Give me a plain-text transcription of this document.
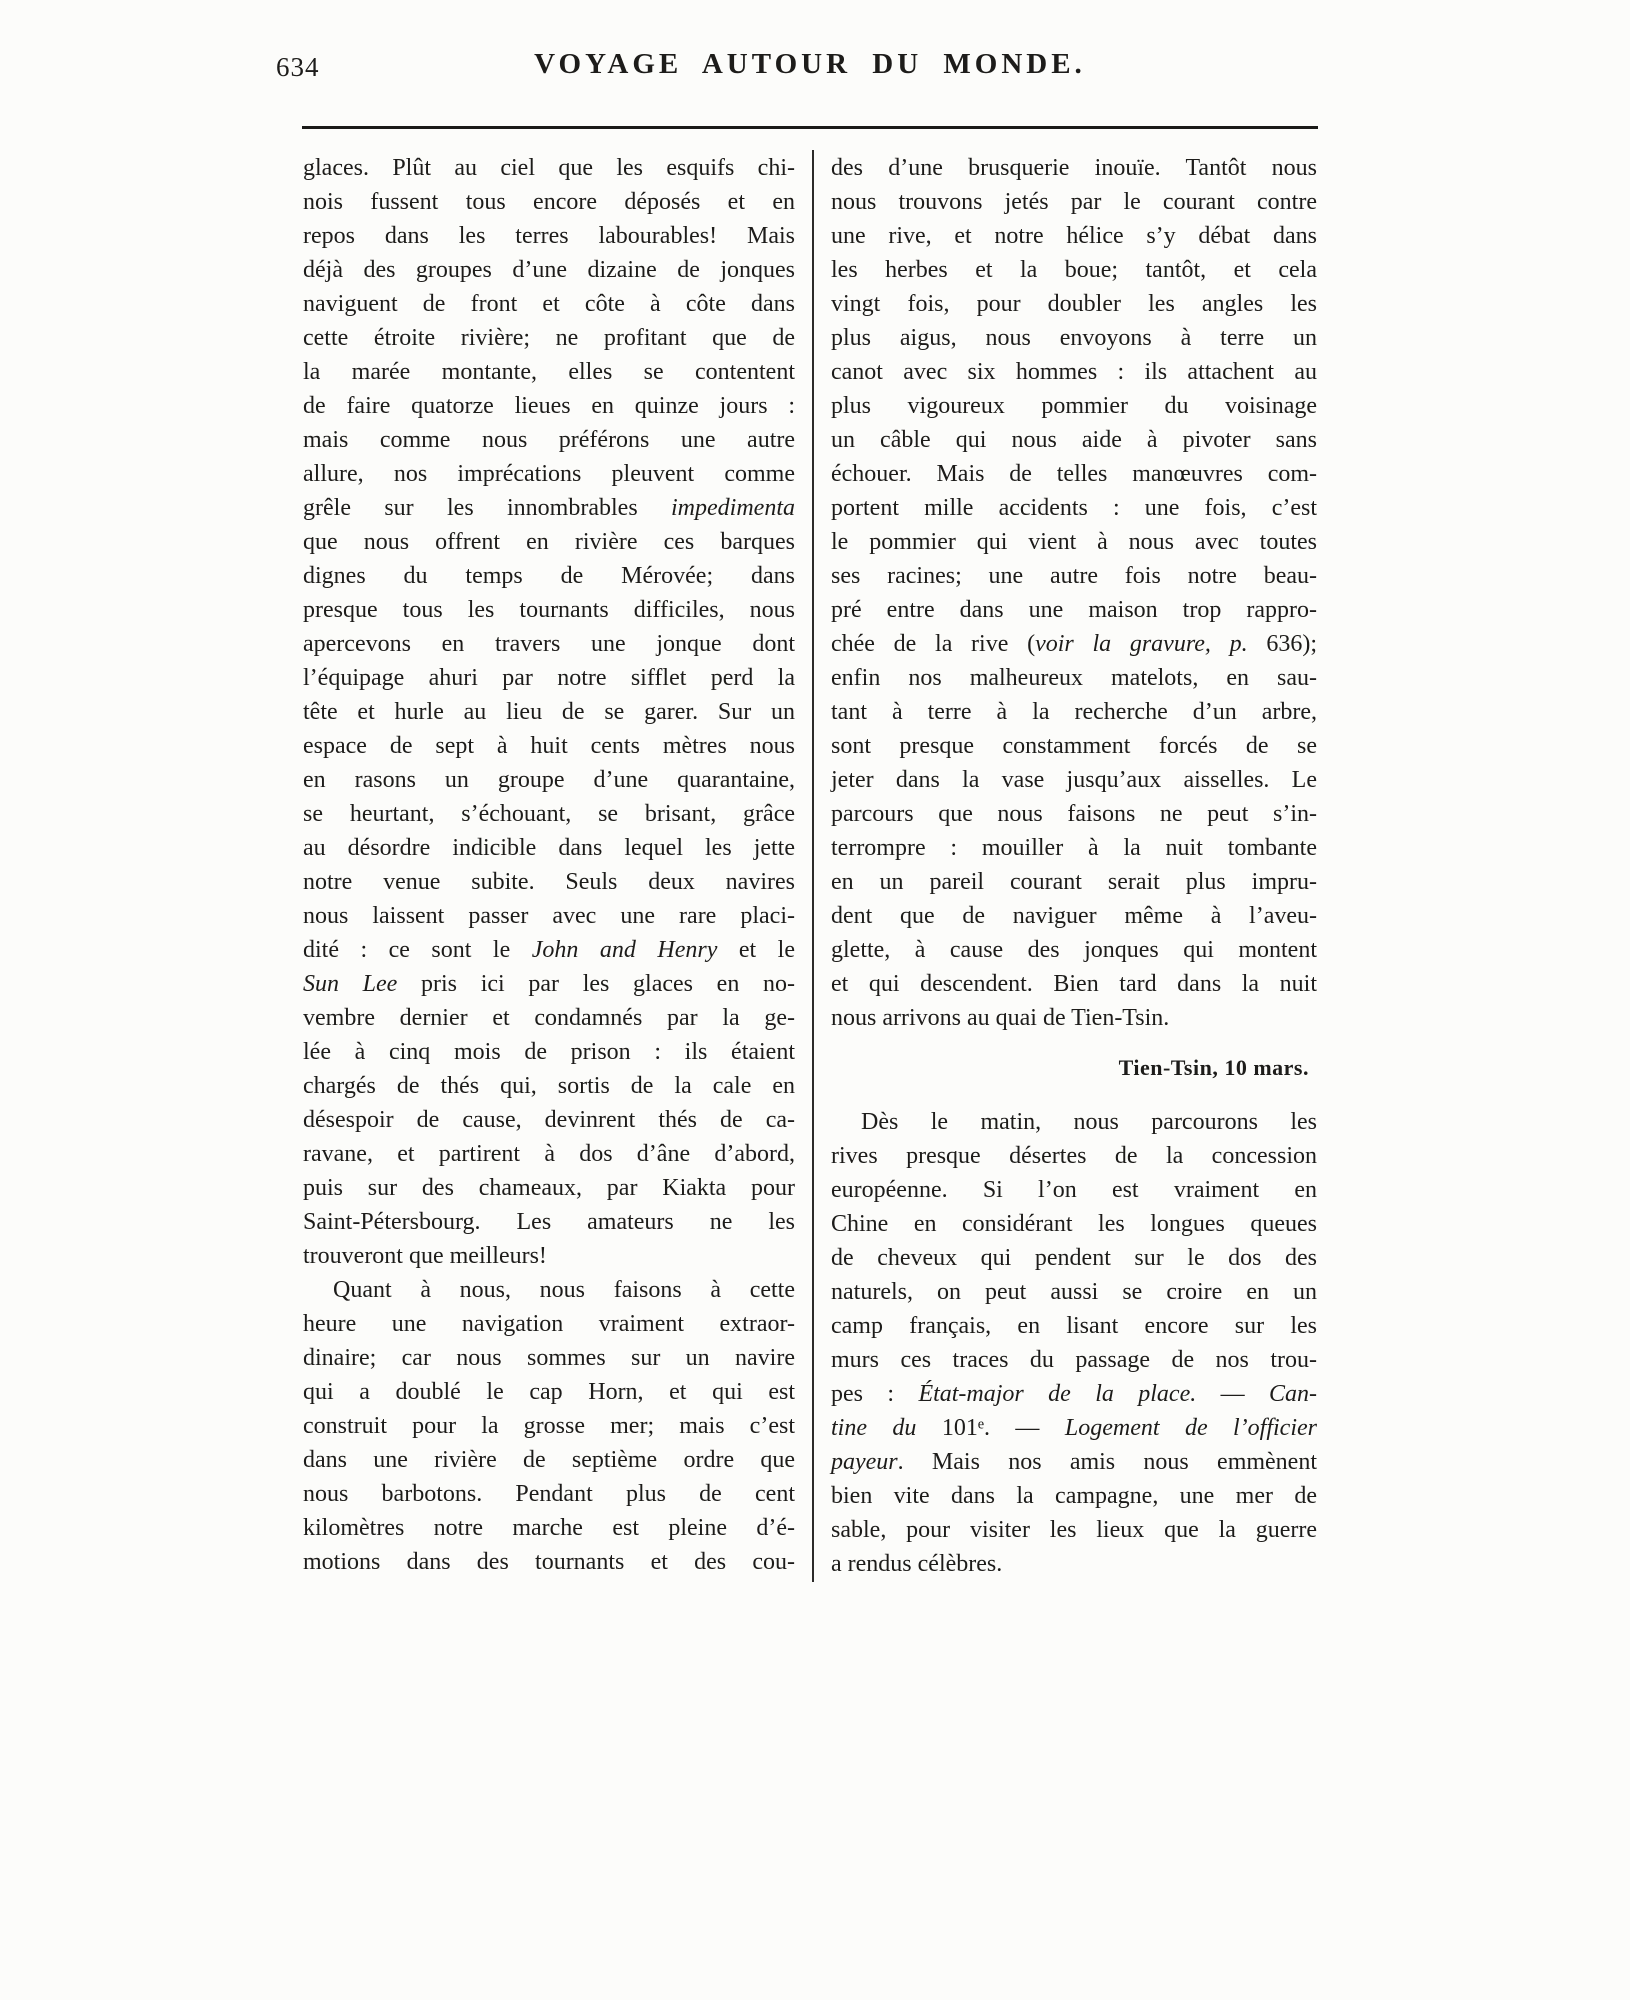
634	VOYAGE AUTOUR DU MONDE.
glaces. Plût au ciel que les esquifs chi-
nois fussent tous encore déposés et en
repos dans les terres labourables! Mais
déjà des groupes d’une dizaine de jonques
naviguent de front et côte à côte dans
cette étroite rivière; ne profitant que de
la marée montante, elles se contentent
de faire quatorze lieues en quinze jours :
mais comme nous préférons une autre
allure, nos imprécations pleuvent comme
grêle sur les innombrables impedimenta
que nous offrent en rivière ces barques
dignes du temps de Mérovée; dans
presque tous les tournants difficiles, nous
apercevons en travers une jonque dont
l’équipage ahuri par notre sifflet perd la
tête et hurle au lieu de se garer. Sur un
espace de sept à huit cents mètres nous
en rasons un groupe d’une quarantaine,
se heurtant, s’échouant, se brisant, grâce
au désordre indicible dans lequel les jette
notre venue subite. Seuls deux navires
nous laissent passer avec une rare placi-
dité : ce sont le John and Henry et le
Sun Lee pris ici par les glaces en no-
vembre dernier et condamnés par la ge-
lée à cinq mois de prison : ils étaient
chargés de thés qui, sortis de la cale en
désespoir de cause, devinrent thés de ca-
ravane, et partirent à dos d’âne d’abord,
puis sur des chameaux, par Kiakta pour
Saint-Pétersbourg. Les amateurs ne les
trouveront que meilleurs!
Quant à nous, nous faisons à cette
heure une navigation vraiment extraor-
dinaire; car nous sommes sur un navire
qui a doublé le cap Horn, et qui est
construit pour la grosse mer; mais c’est
dans une rivière de septième ordre que
nous barbotons. Pendant plus de cent
kilomètres notre marche est pleine d’é-
motions dans des tournants et des cou-
des d’une brusquerie inouïe. Tantôt nous
nous trouvons jetés par le courant contre
une rive, et notre hélice s’y débat dans
les herbes et la boue; tantôt, et cela
vingt fois, pour doubler les angles les
plus aigus, nous envoyons à terre un
canot avec six hommes : ils attachent au
plus vigoureux pommier du voisinage
un câble qui nous aide à pivoter sans
échouer. Mais de telles manœuvres com-
portent mille accidents : une fois, c’est
le pommier qui vient à nous avec toutes
ses racines; une autre fois notre beau-
pré entre dans une maison trop rappro-
chée de la rive (voir la gravure, p. 636);
enfin nos malheureux matelots, en sau-
tant à terre à la recherche d’un arbre,
sont presque constamment forcés de se
jeter dans la vase jusqu’aux aisselles. Le
parcours que nous faisons ne peut s’in-
terrompre : mouiller à la nuit tombante
en un pareil courant serait plus impru-
dent que de naviguer même à l’aveu-
glette, à cause des jonques qui montent
et qui descendent. Bien tard dans la nuit
nous arrivons au quai de Tien-Tsin.
Tien-Tsin, 10 mars.
Dès le matin, nous parcourons les
rives presque désertes de la concession
européenne. Si l’on est vraiment en
Chine en considérant les longues queues
de cheveux qui pendent sur le dos des
naturels, on peut aussi se croire en un
camp français, en lisant encore sur les
murs ces traces du passage de nos trou-
pes : État-major de la place. — Can-
tine du 101ᵉ. — Logement de l’officier
payeur. Mais nos amis nous emmènent
bien vite dans la campagne, une mer de
sable, pour visiter les lieux que la guerre
a rendus célèbres.
